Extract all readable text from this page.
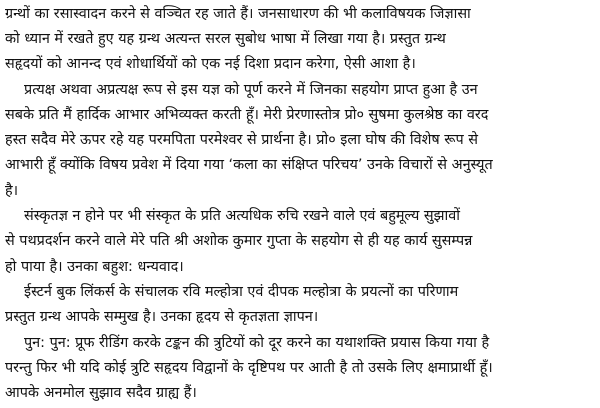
ग्रन्थों का रसास्वादन करने से वञ्चित रह जाते हैं। जनसाधारण की भी कलाविषयक जिज्ञासा
को ध्यान में रखते हुए यह ग्रन्थ अत्यन्त सरल सुबोध भाषा में लिखा गया है। प्रस्तुत ग्रन्थ
सहृदयों को आनन्द एवं शोधार्थियों को एक नई दिशा प्रदान करेगा, ऐसी आशा है।
प्रत्यक्ष अथवा अप्रत्यक्ष रूप से इस यज्ञ को पूर्ण करने में जिनका सहयोग प्राप्त हुआ है उन
सबके प्रति मैं हार्दिक आभार अभिव्यक्त करती हूँ। मेरी प्रेरणास्तोत्र प्रो० सुषमा कुलश्रेष्ठ का वरद
हस्त सदैव मेरे ऊपर रहे यह परमपिता परमेश्वर से प्रार्थना है। प्रो० इला घोष की विशेष रूप से
आभारी हूँ क्योंकि विषय प्रवेश में दिया गया ‘कला का संक्षिप्त परिचय’ उनके विचारों से अनुस्यूत
है।
संस्कृतज्ञ न होने पर भी संस्कृत के प्रति अत्यधिक रुचि रखने वाले एवं बहुमूल्य सुझावों
से पथप्रदर्शन करने वाले मेरे पति श्री अशोक कुमार गुप्ता के सहयोग से ही यह कार्य सुसम्पन्न
हो पाया है। उनका बहुश: धन्यवाद।
ईस्टर्न बुक लिंकर्स के संचालक रवि मल्होत्रा एवं दीपक मल्होत्रा के प्रयत्नों का परिणाम
प्रस्तुत ग्रन्थ आपके सम्मुख है। उनका हृदय से कृतज्ञता ज्ञापन।
पुन: पुन: प्रूफ रीडिंग करके टङ्कन की त्रुटियों को दूर करने का यथाशक्ति प्रयास किया गया है
परन्तु फिर भी यदि कोई त्रुटि सहृदय विद्वानों के दृष्टिपथ पर आती है तो उसके लिए क्षमाप्रार्थी हूँ।
आपके अनमोल सुझाव सदैव ग्राह्य हैं।
